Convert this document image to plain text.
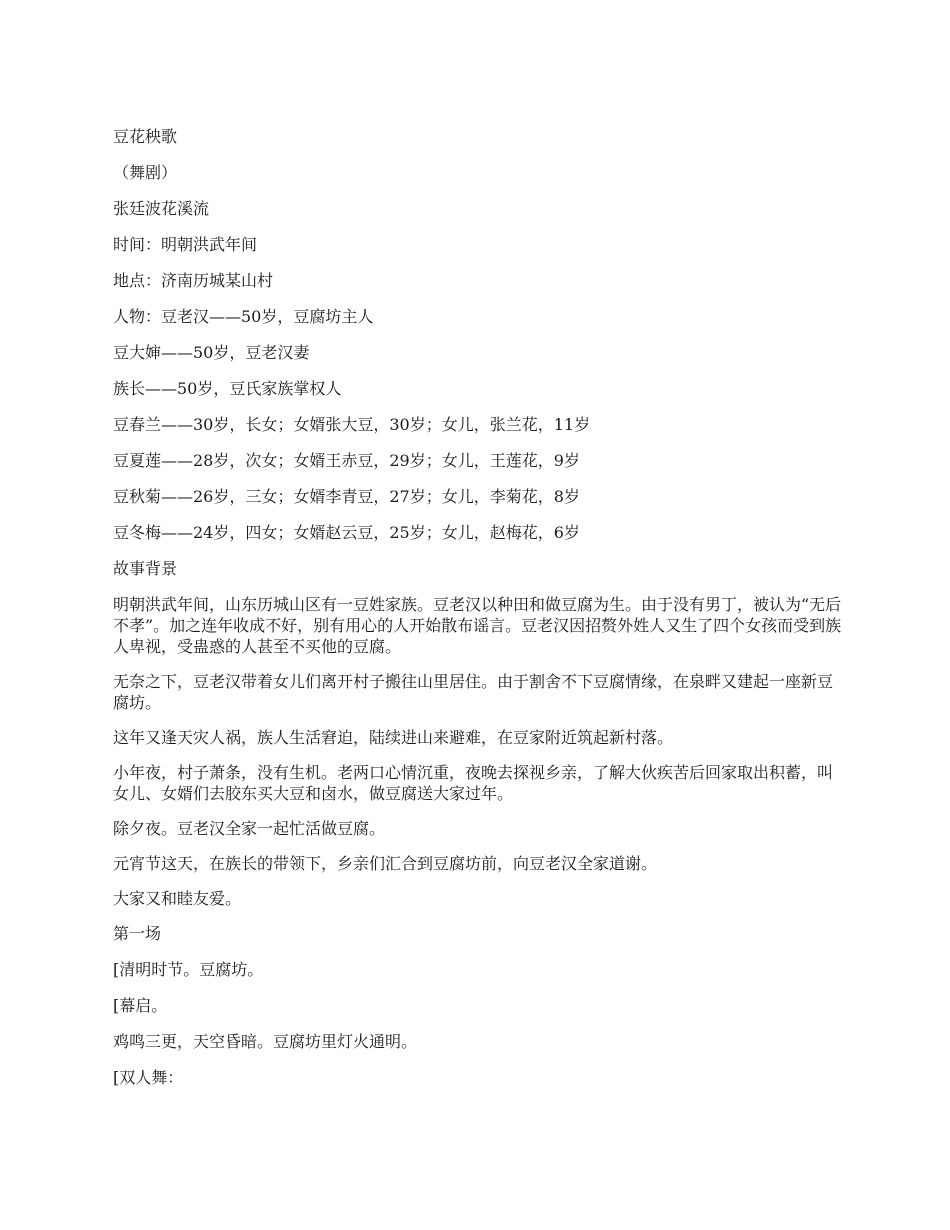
豆花秧歌
（舞剧）
张廷波花溪流
时间：明朝洪武年间
地点：济南历城某山村
人物：豆老汉——50岁，豆腐坊主人
豆大婶——50岁，豆老汉妻
族长——50岁，豆氏家族掌权人
豆春兰——30岁，长女；女婿张大豆，30岁；女儿，张兰花，11岁
豆夏莲——28岁，次女；女婿王赤豆，29岁；女儿，王莲花，9岁
豆秋菊——26岁，三女；女婿李青豆，27岁；女儿，李菊花，8岁
豆冬梅——24岁，四女；女婿赵云豆，25岁；女儿，赵梅花，6岁
故事背景
明朝洪武年间，山东历城山区有一豆姓家族。豆老汉以种田和做豆腐为生。由于没有男丁，被认为“无后不孝”。加之连年收成不好，别有用心的人开始散布谣言。豆老汉因招赘外姓人又生了四个女孩而受到族人卑视，受蛊惑的人甚至不买他的豆腐。
无奈之下，豆老汉带着女儿们离开村子搬往山里居住。由于割舍不下豆腐情缘，在泉畔又建起一座新豆腐坊。
这年又逢天灾人祸，族人生活窘迫，陆续进山来避难，在豆家附近筑起新村落。
小年夜，村子萧条，没有生机。老两口心情沉重，夜晚去探视乡亲，了解大伙疾苦后回家取出积蓄，叫女儿、女婿们去胶东买大豆和卤水，做豆腐送大家过年。
除夕夜。豆老汉全家一起忙活做豆腐。
元宵节这天，在族长的带领下，乡亲们汇合到豆腐坊前，向豆老汉全家道谢。
大家又和睦友爱。
第一场
[清明时节。豆腐坊。
[幕启。
鸡鸣三更，天空昏暗。豆腐坊里灯火通明。
[双人舞：
